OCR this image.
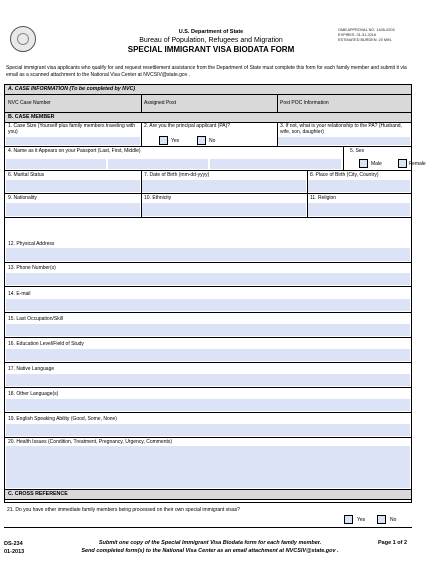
U.S. Department of State
Bureau of Population, Refugees and Migration
SPECIAL IMMIGRANT VISA BIODATA FORM
OMB APPROVAL NO. 1405-0203
EXPIRES: 01-31-2016
ESTIMATED BURDEN: 20 MIN.
Special immigrant visa applicants who qualify for and request resettlement assistance from the Department of State must complete this form for each family member and submit it via email as a scanned attachment to the National Visa Center at NVCSIV@state.gov .
A. CASE INFORMATION (To be completed by NVC)
NVC Case Number	Assigned Post	Post POC Information
B. CASE MEMBER
1. Case Size (Yourself plus family members traveling with you)
2. Are you the principal applicant (PA)?
Yes	No
3. If not, what is your relationship to the PA? (Husband, wife, son, daughter)
4. Name as it Appears on your Passport (Last, First, Middle)	5. Sex
Male	Female
6. Marital Status	7. Date of Birth (mm-dd-yyyy)	8. Place of Birth (City, Country)
9. Nationality	10. Ethnicity	11. Religion
12. Physical Address
13. Phone Number(s)
14. E-mail
15. Last Occupation/Skill
16. Education Level/Field of Study
17. Native Language
18. Other Language(s)
19. English Speaking Ability (Good, Some, None)
20. Health Issues (Condition, Treatment, Pregnancy, Urgency, Comments)
C. CROSS REFERENCE
21. Do you have other immediate family members being processed on their own special immigrant visas?
Yes	No
DS-234
01-2013
Submit one copy of the Special Immigrant Visa Biodata form for each family member.
Send completed form(s) to the National Visa Center as an email attachment at NVCSIV@state.gov .
Page 1 of 2
